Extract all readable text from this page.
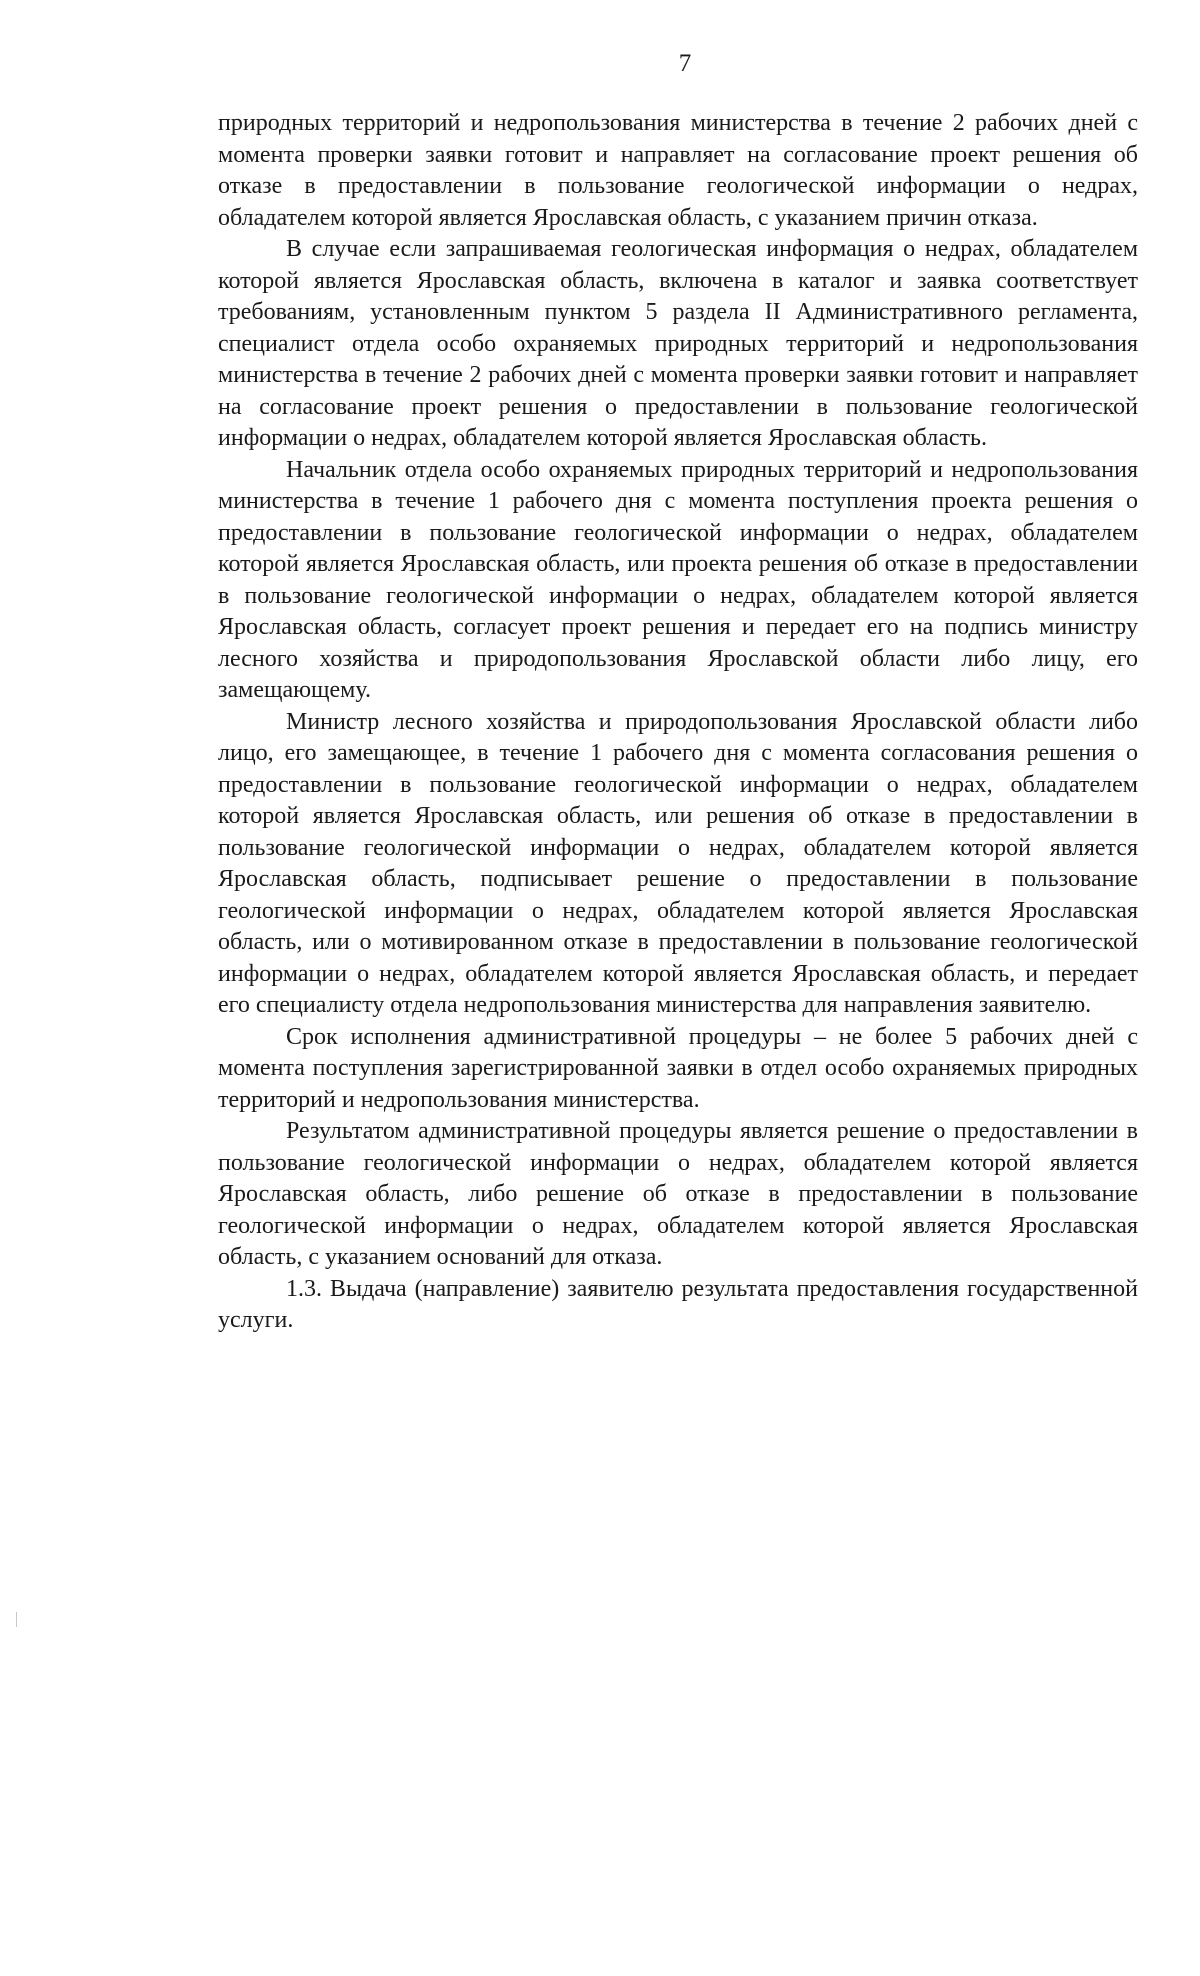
7

природных территорий и недропользования министерства в течение 2 рабочих дней с момента проверки заявки готовит и направляет на согласование проект решения об отказе в предоставлении в пользование геологической информации о недрах, обладателем которой является Ярославская область, с указанием причин отказа.

В случае если запрашиваемая геологическая информация о недрах, обладателем которой является Ярославская область, включена в каталог и заявка соответствует требованиям, установленным пунктом 5 раздела II Административного регламента, специалист отдела особо охраняемых природных территорий и недропользования министерства в течение 2 рабочих дней с момента проверки заявки готовит и направляет на согласование проект решения о предоставлении в пользование геологической информации о недрах, обладателем которой является Ярославская область.

Начальник отдела особо охраняемых природных территорий и недропользования министерства в течение 1 рабочего дня с момента поступления проекта решения о предоставлении в пользование геологической информации о недрах, обладателем которой является Ярославская область, или проекта решения об отказе в предоставлении в пользование геологической информации о недрах, обладателем которой является Ярославская область, согласует проект решения и передает его на подпись министру лесного хозяйства и природопользования Ярославской области либо лицу, его замещающему.

Министр лесного хозяйства и природопользования Ярославской области либо лицо, его замещающее, в течение 1 рабочего дня с момента согласования решения о предоставлении в пользование геологической информации о недрах, обладателем которой является Ярославская область, или решения об отказе в предоставлении в пользование геологической информации о недрах, обладателем которой является Ярославская область, подписывает решение о предоставлении в пользование геологической информации о недрах, обладателем которой является Ярославская область, или о мотивированном отказе в предоставлении в пользование геологической информации о недрах, обладателем которой является Ярославская область, и передает его специалисту отдела недропользования министерства для направления заявителю.

Срок исполнения административной процедуры – не более 5 рабочих дней с момента поступления зарегистрированной заявки в отдел особо охраняемых природных территорий и недропользования министерства.

Результатом административной процедуры является решение о предоставлении в пользование геологической информации о недрах, обладателем которой является Ярославская область, либо решение об отказе в предоставлении в пользование геологической информации о недрах, обладателем которой является Ярославская область, с указанием оснований для отказа.

1.3. Выдача (направление) заявителю результата предоставления государственной услуги.
